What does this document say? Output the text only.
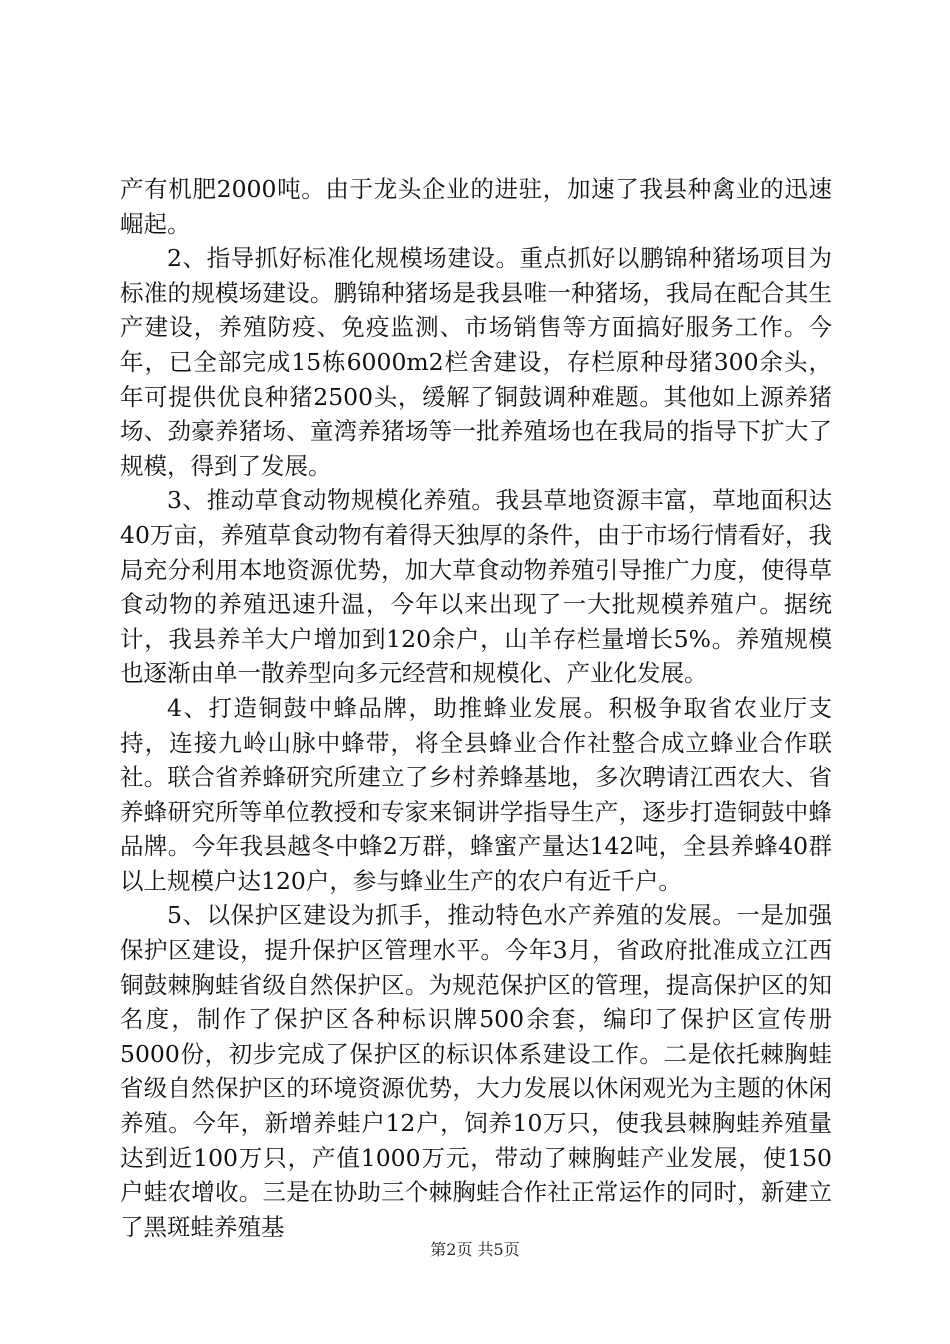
产有机肥2000吨。由于龙头企业的进驻，加速了我县种禽业的迅速崛起。

2、指导抓好标准化规模场建设。重点抓好以鹏锦种猪场项目为标准的规模场建设。鹏锦种猪场是我县唯一种猪场，我局在配合其生产建设，养殖防疫、免疫监测、市场销售等方面搞好服务工作。今年，已全部完成15栋6000m2栏舍建设，存栏原种母猪300余头，年可提供优良种猪2500头，缓解了铜鼓调种难题。其他如上源养猪场、劲豪养猪场、童湾养猪场等一批养殖场也在我局的指导下扩大了规模，得到了发展。

3、推动草食动物规模化养殖。我县草地资源丰富，草地面积达40万亩，养殖草食动物有着得天独厚的条件，由于市场行情看好，我局充分利用本地资源优势，加大草食动物养殖引导推广力度，使得草食动物的养殖迅速升温，今年以来出现了一大批规模养殖户。据统计，我县养羊大户增加到120余户，山羊存栏量增长5%。养殖规模也逐渐由单一散养型向多元经营和规模化、产业化发展。

4、打造铜鼓中蜂品牌，助推蜂业发展。积极争取省农业厅支持，连接九岭山脉中蜂带，将全县蜂业合作社整合成立蜂业合作联社。联合省养蜂研究所建立了乡村养蜂基地，多次聘请江西农大、省养蜂研究所等单位教授和专家来铜讲学指导生产，逐步打造铜鼓中蜂品牌。今年我县越冬中蜂2万群，蜂蜜产量达142吨，全县养蜂40群以上规模户达120户，参与蜂业生产的农户有近千户。

5、以保护区建设为抓手，推动特色水产养殖的发展。一是加强保护区建设，提升保护区管理水平。今年3月，省政府批准成立江西铜鼓棘胸蛙省级自然保护区。为规范保护区的管理，提高保护区的知名度，制作了保护区各种标识牌500余套，编印了保护区宣传册5000份，初步完成了保护区的标识体系建设工作。二是依托棘胸蛙省级自然保护区的环境资源优势，大力发展以休闲观光为主题的休闲养殖。今年，新增养蛙户12户，饲养10万只，使我县棘胸蛙养殖量达到近100万只，产值1000万元，带动了棘胸蛙产业发展，使150户蛙农增收。三是在协助三个棘胸蛙合作社正常运作的同时，新建立了黑斑蛙养殖基

第2页 共5页
